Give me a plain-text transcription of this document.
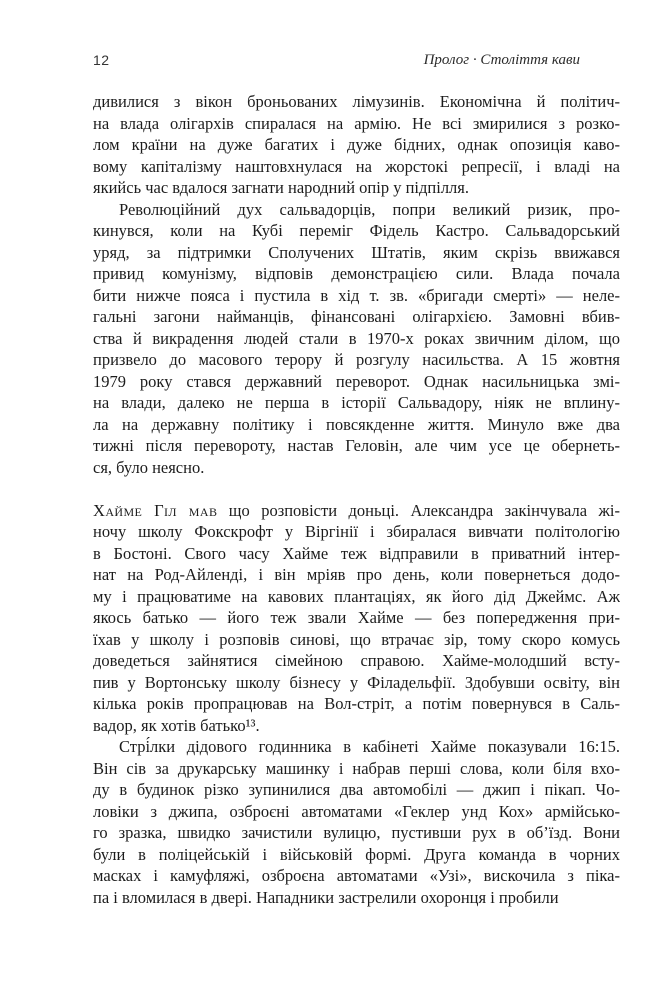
12	Пролог · Століття кави
дивилися з вікон броньованих лімузинів. Економічна й політич-
на влада олігархів спиралася на армію. Не всі змирилися з розко-
лом країни на дуже багатих і дуже бідних, однак опозиція каво-
вому капіталізму наштовхнулася на жорстокі репресії, і владі на
якийсь час вдалося загнати народний опір у підпілля.
Революційний дух сальвадорців, попри великий ризик, про-
кинувся, коли на Кубі переміг Фідель Кастро. Сальвадорський
уряд, за підтримки Сполучених Штатів, яким скрізь ввижався
привид комунізму, відповів демонстрацією сили. Влада почала
бити нижче пояса і пустила в хід т. зв. «бригади смерті» — неле-
гальні загони найманців, фінансовані олігархією. Замовні вбив-
ства й викрадення людей стали в 1970-х роках звичним ділом, що
призвело до масового терору й розгулу насильства. А 15 жовтня
1979 року стався державний переворот. Однак насильницька змі-
на влади, далеко не перша в історії Сальвадору, ніяк не вплину-
ла на державну політику і повсякденне життя. Минуло вже два
тижні після перевороту, настав Геловін, але чим усе це обернеть-
ся, було неясно.
Хайме Гіл мав що розповісти доньці. Александра закінчувала жі-
ночу школу Фокскрофт у Віргінії і збиралася вивчати політологію
в Бостоні. Свого часу Хайме теж відправили в приватний інтер-
нат на Род-Айленді, і він мріяв про день, коли повернеться додо-
му і працюватиме на кавових плантаціях, як його дід Джеймс. Аж
якось батько — його теж звали Хайме — без попередження при-
їхав у школу і розповів синові, що втрачає зір, тому скоро комусь
доведеться зайнятися сімейною справою. Хайме-молодший всту-
пив у Вортонську школу бізнесу у Філадельфії. Здобувши освіту, він
кілька років пропрацював на Вол-стріт, а потім повернувся в Саль-
вадор, як хотів батько¹³.
Стрі́лки дідового годинника в кабінеті Хайме показували 16:15.
Він сів за друкарську машинку і набрав перші слова, коли біля вхо-
ду в будинок різко зупинилися два автомобілі — джип і пікап. Чо-
ловіки з джипа, озброєні автоматами «Геклер унд Кох» армійсько-
го зразка, швидко зачистили вулицю, пустивши рух в об’їзд. Вони
були в поліцейській і військовій формі. Друга команда в чорних
масках і камуфляжі, озброєна автоматами «Узі», вискочила з піка-
па і вломилася в двері. Нападники застрелили охоронця і пробили
